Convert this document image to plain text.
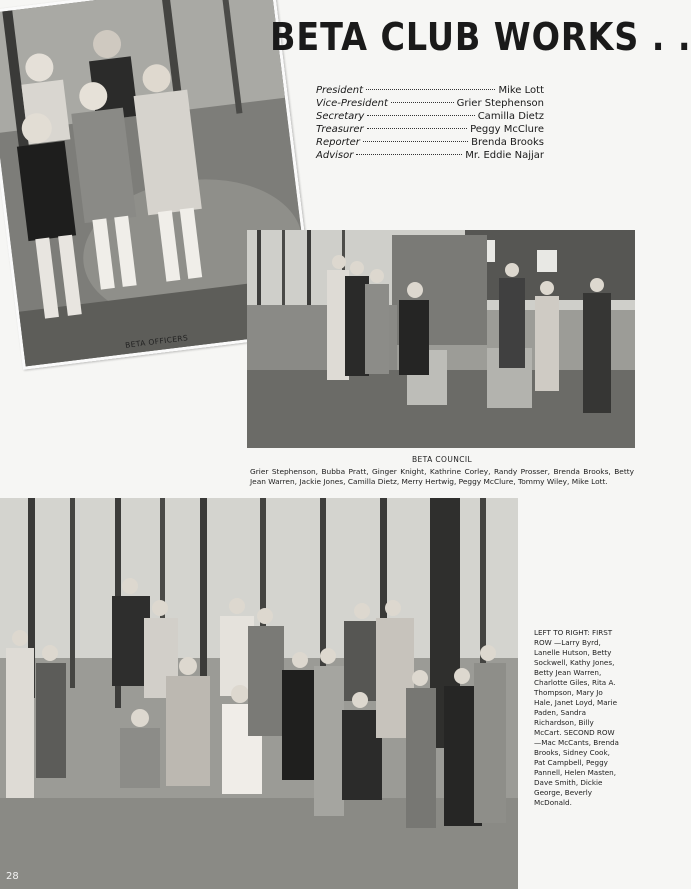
BETA OFFICERS
BETA CLUB WORKS . .
President	Mike Lott
Vice-President	Grier Stephenson
Secretary	Camilla Dietz
Treasurer	Peggy McClure
Reporter	Brenda Brooks
Advisor	Mr. Eddie Najjar
BETA COUNCIL
Grier Stephenson, Bubba Pratt, Ginger Knight, Kathrine Corley, Randy Prosser, Brenda Brooks, Betty Jean Warren, Jackie Jones, Camilla Dietz, Merry Hertwig, Peggy McClure, Tommy Wiley, Mike Lott.
LEFT TO RIGHT: FIRST ROW —Larry Byrd, Lanelle Hutson, Betty Sockwell, Kathy Jones, Betty Jean Warren, Charlotte Giles, Rita A. Thompson, Mary Jo Hale, Janet Loyd, Marie Paden, Sandra Richardson, Billy McCart. SECOND ROW—Mac McCants, Brenda Brooks, Sidney Cook, Pat Campbell, Peggy Pannell, Helen Masten, Dave Smith, Dickie George, Beverly McDonald.
28
